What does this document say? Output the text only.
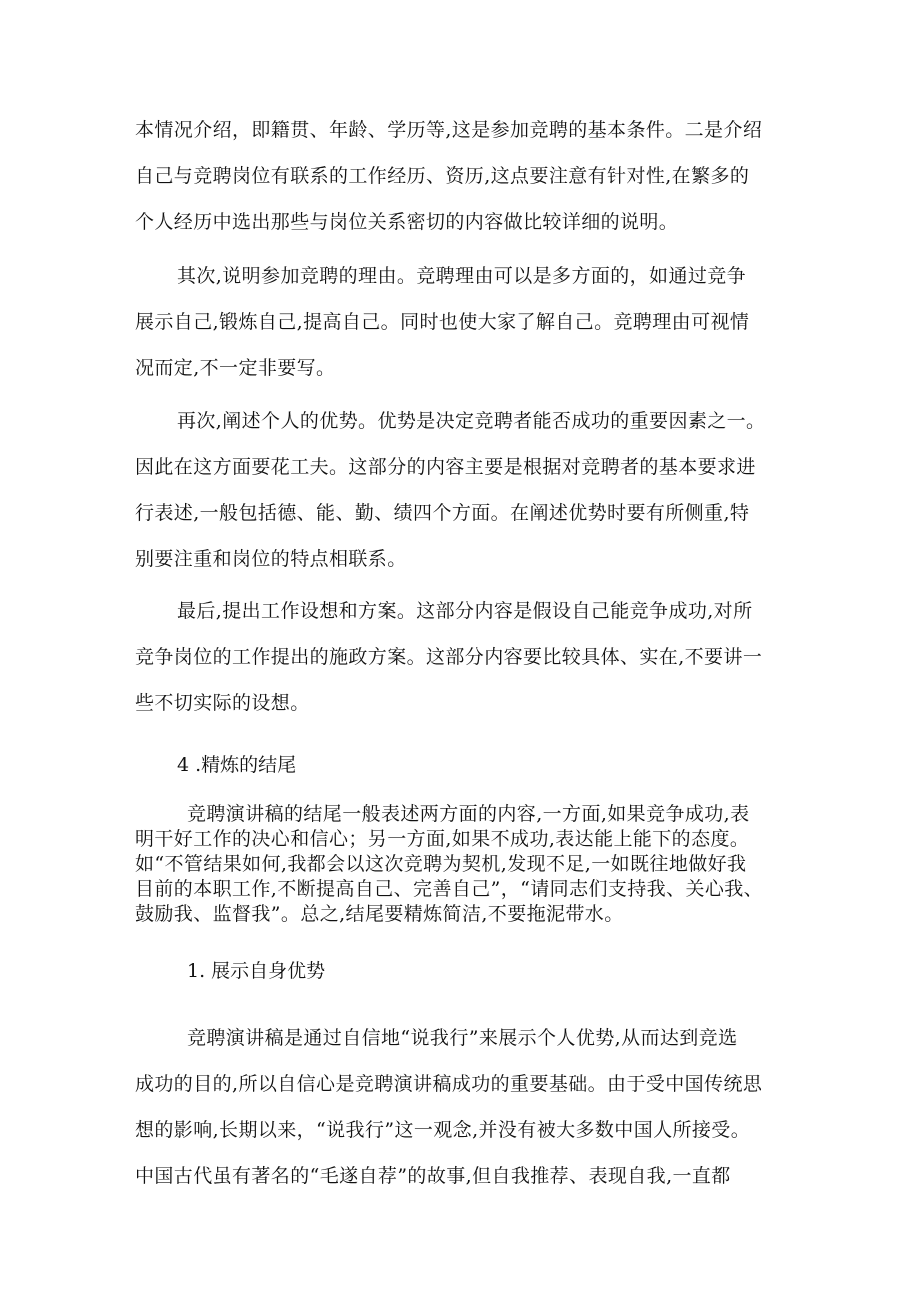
本情况介绍，即籍贯、年龄、学历等,这是参加竞聘的基本条件。二是介绍
自己与竞聘岗位有联系的工作经历、资历,这点要注意有针对性,在繁多的
个人经历中选出那些与岗位关系密切的内容做比较详细的说明。
其次,说明参加竞聘的理由。竞聘理由可以是多方面的，如通过竞争
展示自己,锻炼自己,提高自己。同时也使大家了解自己。竞聘理由可视情
况而定,不一定非要写。
再次,阐述个人的优势。优势是决定竞聘者能否成功的重要因素之一。
因此在这方面要花工夫。这部分的内容主要是根据对竞聘者的基本要求进
行表述,一般包括德、能、勤、绩四个方面。在阐述优势时要有所侧重,特
别要注重和岗位的特点相联系。
最后,提出工作设想和方案。这部分内容是假设自己能竞争成功,对所
竞争岗位的工作提出的施政方案。这部分内容要比较具体、实在,不要讲一
些不切实际的设想。
4 .精炼的结尾
竞聘演讲稿的结尾一般表述两方面的内容,一方面,如果竞争成功,表
明干好工作的决心和信心；另一方面,如果不成功,表达能上能下的态度。
如“不管结果如何,我都会以这次竞聘为契机,发现不足,一如既往地做好我
目前的本职工作,不断提高自己、完善自己”，“请同志们支持我、关心我、
鼓励我、监督我”。总之,结尾要精炼简洁,不要拖泥带水。
1. 展示自身优势
竞聘演讲稿是通过自信地“说我行”来展示个人优势,从而达到竞选
成功的目的,所以自信心是竞聘演讲稿成功的重要基础。由于受中国传统思
想的影响,长期以来，“说我行”这一观念,并没有被大多数中国人所接受。
中国古代虽有著名的“毛遂自荐”的故事,但自我推荐、表现自我,一直都
